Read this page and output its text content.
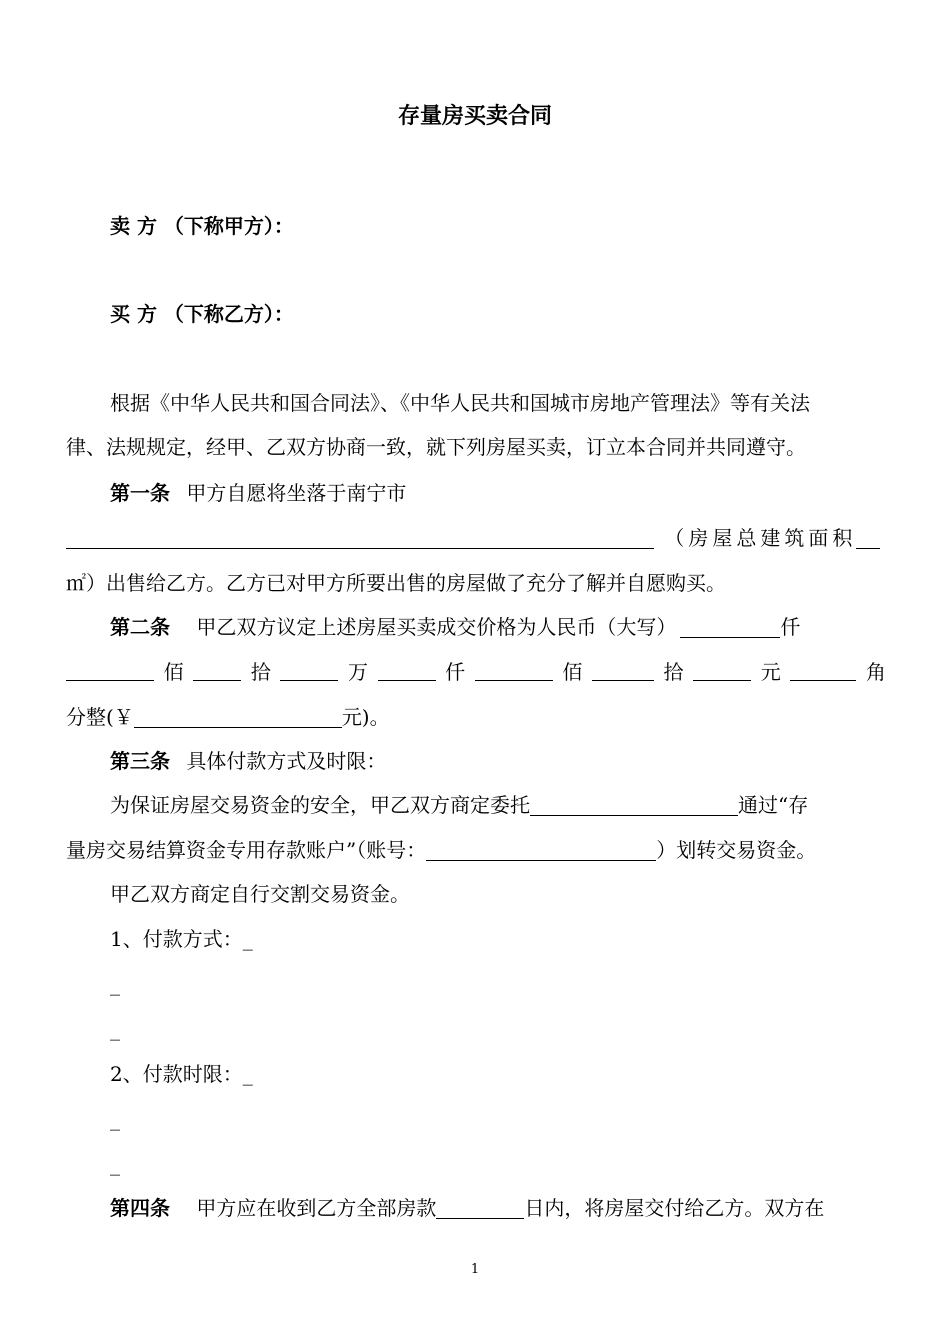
存量房买卖合同
卖 方 （下称甲方）：
买 方 （下称乙方）：
根据《中华人民共和国合同法》、《中华人民共和国城市房地产管理法》等有关法
律、法规规定，经甲、乙双方协商一致，就下列房屋买卖，订立本合同并共同遵守。
第一条 甲方自愿将坐落于南宁市
（房屋总建筑面积
㎡）出售给乙方。乙方已对甲方所要出售的房屋做了充分了解并自愿购买。
第二条 甲乙双方议定上述房屋买卖成交价格为人民币（大写）	仟
佰	拾	万	仟	佰	拾	元	角
分整(￥	元)。
第三条 具体付款方式及时限：
为保证房屋交易资金的安全，甲乙双方商定委托	通过“存
量房交易结算资金专用存款账户”（账号：	）划转交易资金。
甲乙双方商定自行交割交易资金。
1、付款方式：_
_
_
2、付款时限：_
_
_
第四条 甲方应在收到乙方全部房款	日内，将房屋交付给乙方。双方在
1
